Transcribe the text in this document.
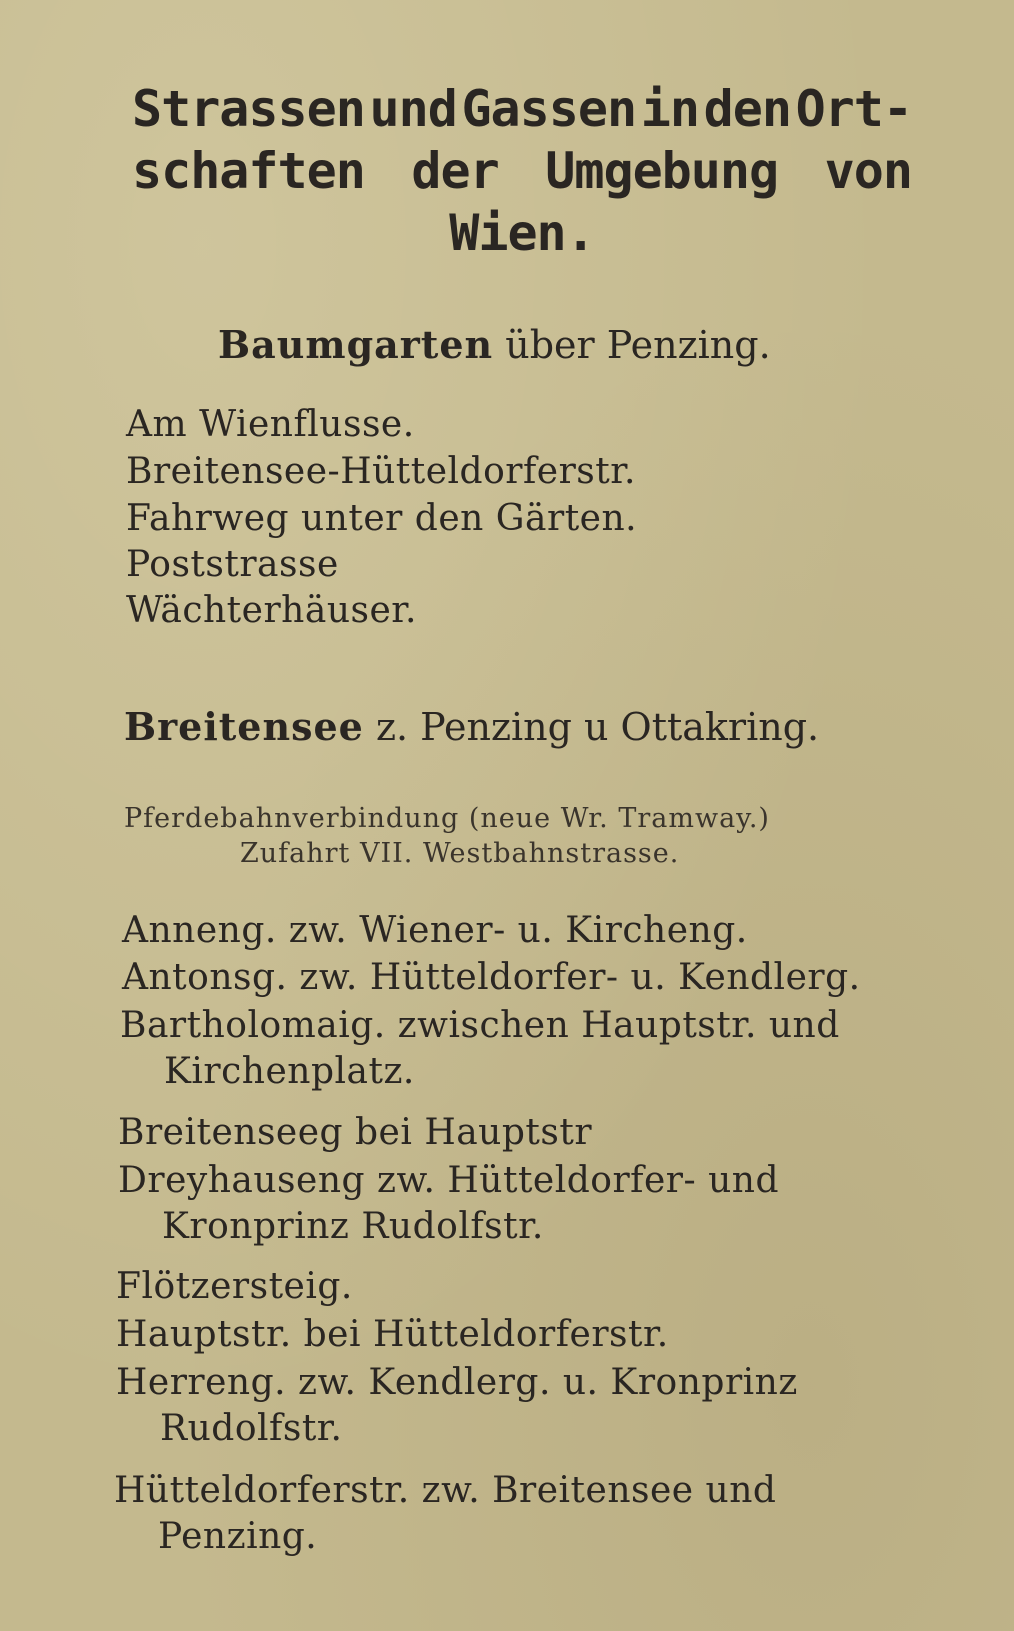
Strassen und Gassen in den Ort-
schaften der Umgebung von
Wien.
Baumgarten über Penzing.
Am Wienflusse.
Breitensee-Hütteldorferstr.
Fahrweg unter den Gärten.
Poststrasse
Wächterhäuser.
Breitensee z. Penzing u Ottakring.
Pferdebahnverbindung (neue Wr. Tramway.)
Zufahrt VII. Westbahnstrasse.
Anneng. zw. Wiener- u. Kircheng.
Antonsg. zw. Hütteldorfer- u. Kendlerg.
Bartholomaig. zwischen Hauptstr. und
Kirchenplatz.
Breitenseeg bei Hauptstr
Dreyhauseng zw. Hütteldorfer- und
Kronprinz Rudolfstr.
Flötzersteig.
Hauptstr. bei Hütteldorferstr.
Herreng. zw. Kendlerg. u. Kronprinz
Rudolfstr.
Hütteldorferstr. zw. Breitensee und
Penzing.
